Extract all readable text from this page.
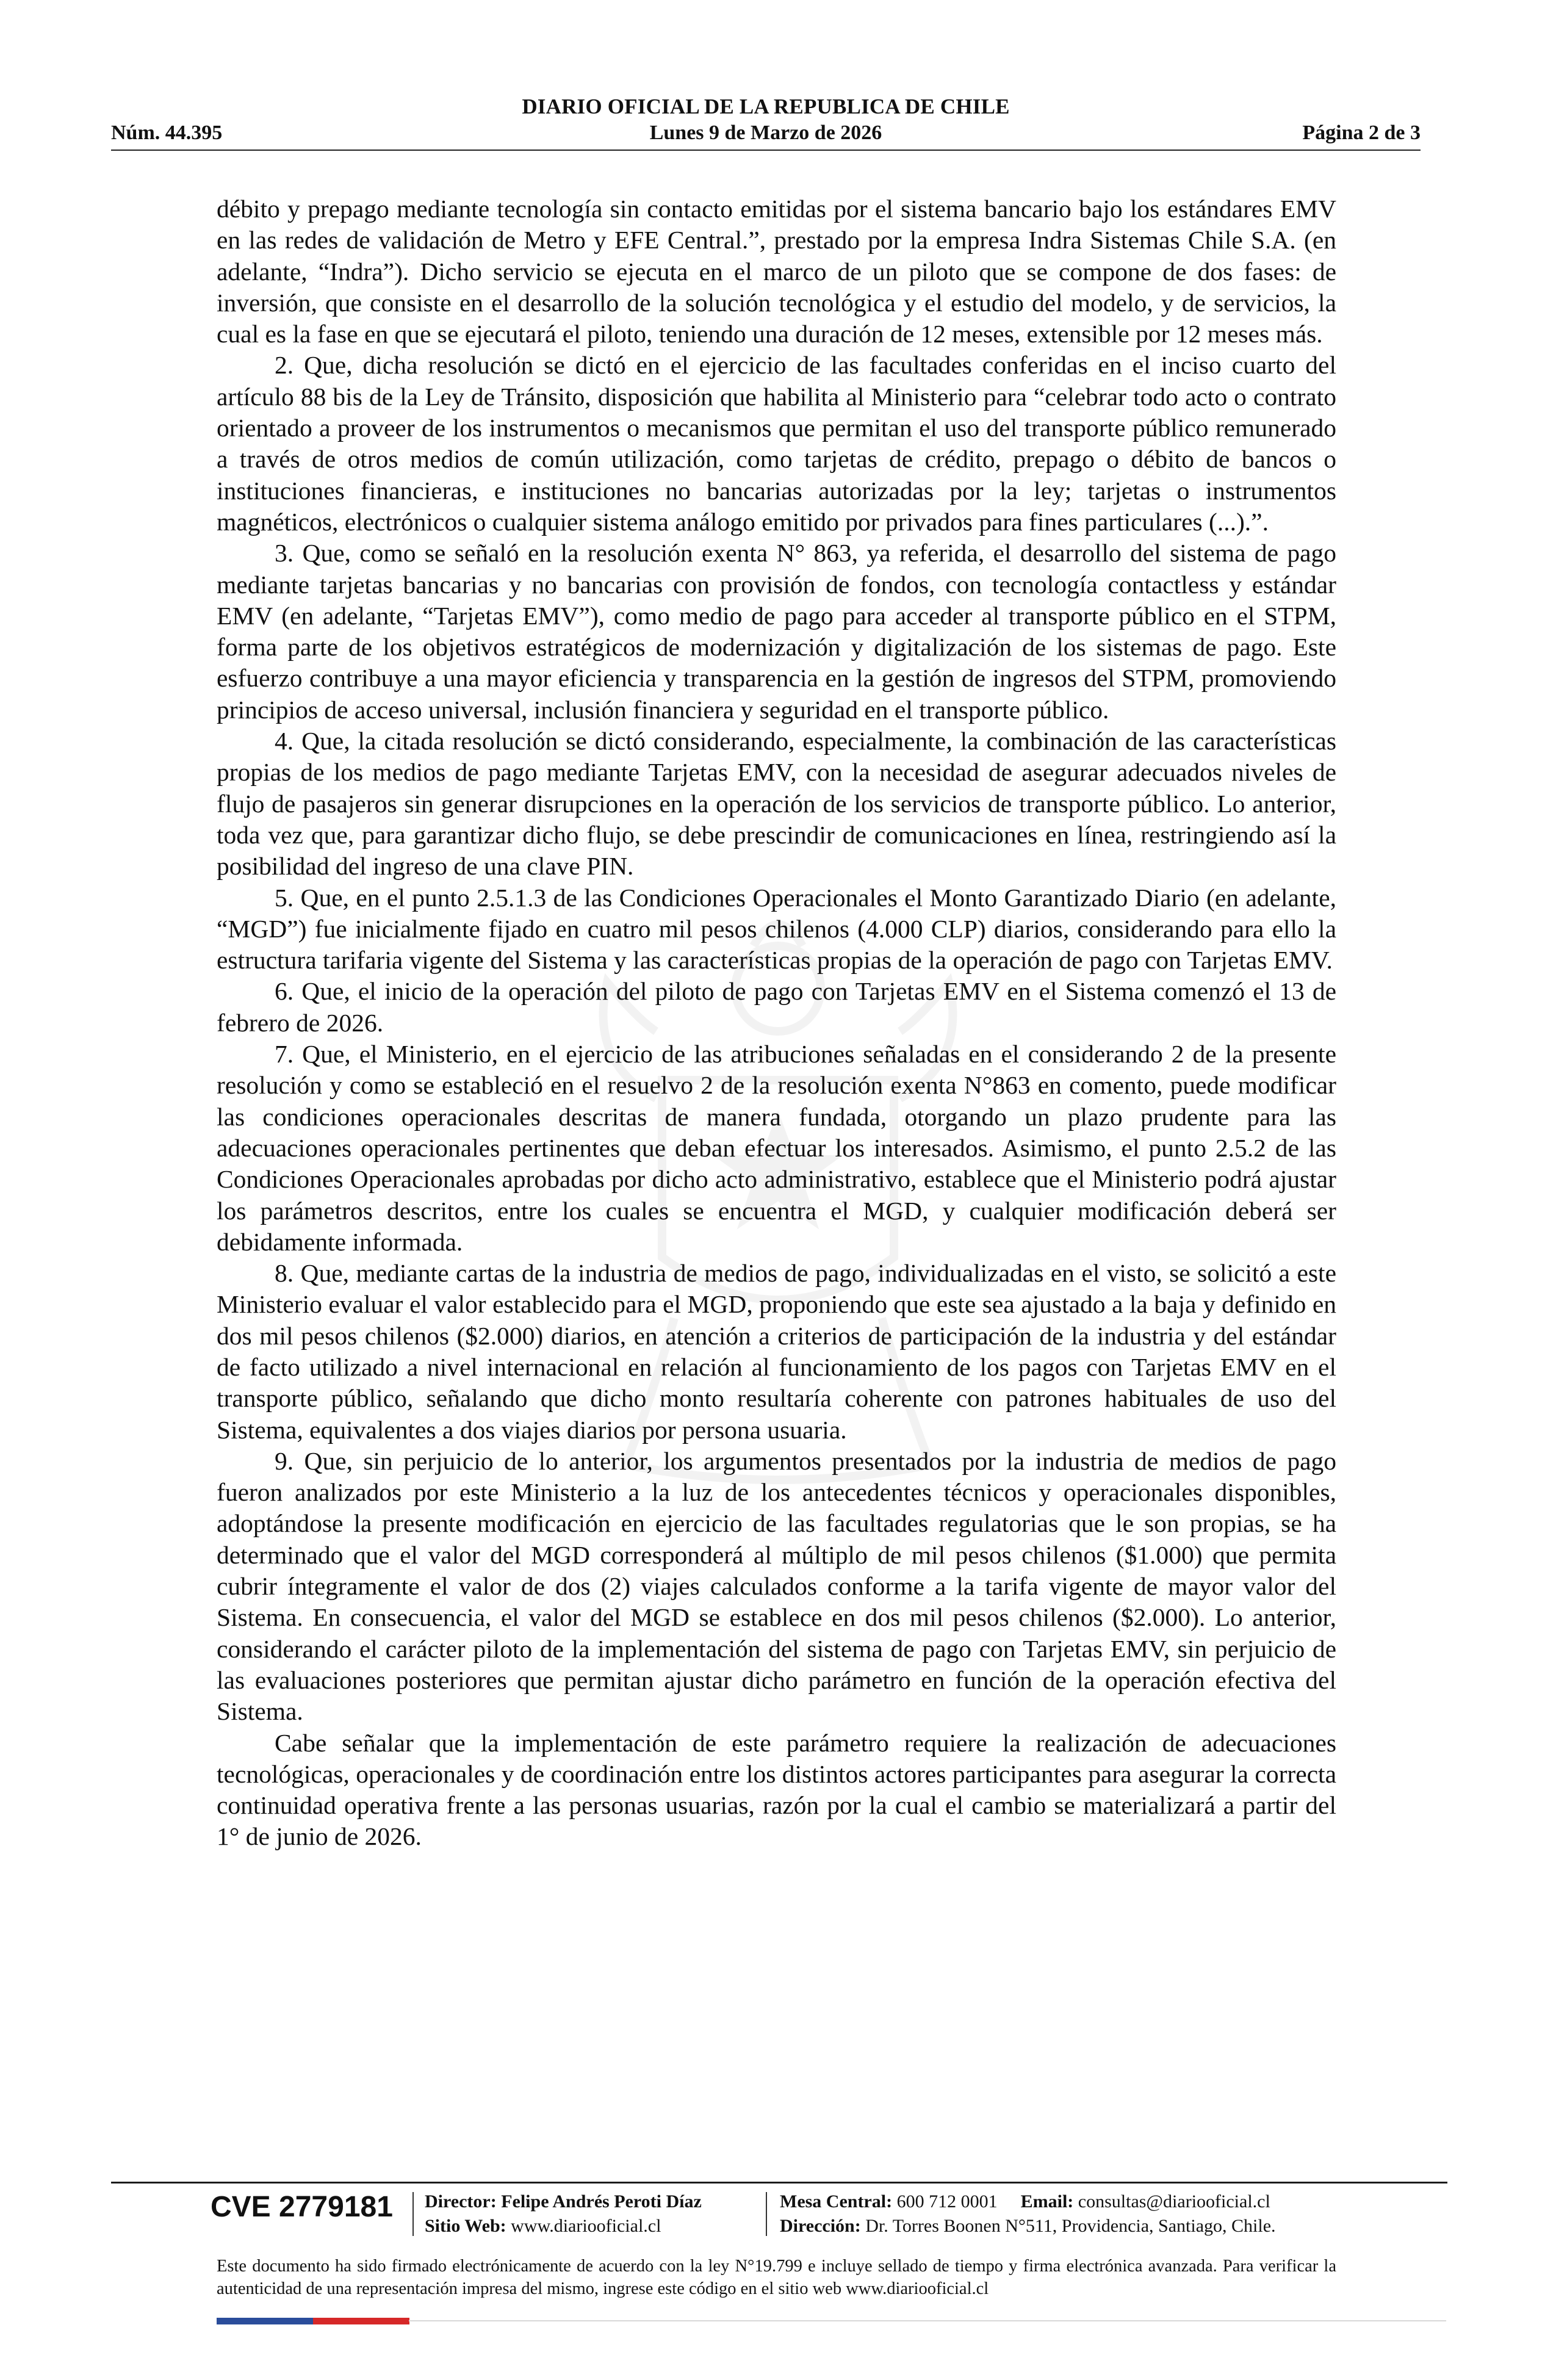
DIARIO OFICIAL DE LA REPUBLICA DE CHILE
Núm. 44.395	Lunes 9 de Marzo de 2026	Página 2 de 3

débito y prepago mediante tecnología sin contacto emitidas por el sistema bancario bajo los estándares EMV en las redes de validación de Metro y EFE Central.”, prestado por la empresa Indra Sistemas Chile S.A. (en adelante, “Indra”). Dicho servicio se ejecuta en el marco de un piloto que se compone de dos fases: de inversión, que consiste en el desarrollo de la solución tecnológica y el estudio del modelo, y de servicios, la cual es la fase en que se ejecutará el piloto, teniendo una duración de 12 meses, extensible por 12 meses más.

2. Que, dicha resolución se dictó en el ejercicio de las facultades conferidas en el inciso cuarto del artículo 88 bis de la Ley de Tránsito, disposición que habilita al Ministerio para “celebrar todo acto o contrato orientado a proveer de los instrumentos o mecanismos que permitan el uso del transporte público remunerado a través de otros medios de común utilización, como tarjetas de crédito, prepago o débito de bancos o instituciones financieras, e instituciones no bancarias autorizadas por la ley; tarjetas o instrumentos magnéticos, electrónicos o cualquier sistema análogo emitido por privados para fines particulares (...).”.

3. Que, como se señaló en la resolución exenta N° 863, ya referida, el desarrollo del sistema de pago mediante tarjetas bancarias y no bancarias con provisión de fondos, con tecnología contactless y estándar EMV (en adelante, “Tarjetas EMV”), como medio de pago para acceder al transporte público en el STPM, forma parte de los objetivos estratégicos de modernización y digitalización de los sistemas de pago. Este esfuerzo contribuye a una mayor eficiencia y transparencia en la gestión de ingresos del STPM, promoviendo principios de acceso universal, inclusión financiera y seguridad en el transporte público.

4. Que, la citada resolución se dictó considerando, especialmente, la combinación de las características propias de los medios de pago mediante Tarjetas EMV, con la necesidad de asegurar adecuados niveles de flujo de pasajeros sin generar disrupciones en la operación de los servicios de transporte público. Lo anterior, toda vez que, para garantizar dicho flujo, se debe prescindir de comunicaciones en línea, restringiendo así la posibilidad del ingreso de una clave PIN.

5. Que, en el punto 2.5.1.3 de las Condiciones Operacionales el Monto Garantizado Diario (en adelante, “MGD”) fue inicialmente fijado en cuatro mil pesos chilenos (4.000 CLP) diarios, considerando para ello la estructura tarifaria vigente del Sistema y las características propias de la operación de pago con Tarjetas EMV.

6. Que, el inicio de la operación del piloto de pago con Tarjetas EMV en el Sistema comenzó el 13 de febrero de 2026.

7. Que, el Ministerio, en el ejercicio de las atribuciones señaladas en el considerando 2 de la presente resolución y como se estableció en el resuelvo 2 de la resolución exenta N°863 en comento, puede modificar las condiciones operacionales descritas de manera fundada, otorgando un plazo prudente para las adecuaciones operacionales pertinentes que deban efectuar los interesados. Asimismo, el punto 2.5.2 de las Condiciones Operacionales aprobadas por dicho acto administrativo, establece que el Ministerio podrá ajustar los parámetros descritos, entre los cuales se encuentra el MGD, y cualquier modificación deberá ser debidamente informada.

8. Que, mediante cartas de la industria de medios de pago, individualizadas en el visto, se solicitó a este Ministerio evaluar el valor establecido para el MGD, proponiendo que este sea ajustado a la baja y definido en dos mil pesos chilenos ($2.000) diarios, en atención a criterios de participación de la industria y del estándar de facto utilizado a nivel internacional en relación al funcionamiento de los pagos con Tarjetas EMV en el transporte público, señalando que dicho monto resultaría coherente con patrones habituales de uso del Sistema, equivalentes a dos viajes diarios por persona usuaria.

9. Que, sin perjuicio de lo anterior, los argumentos presentados por la industria de medios de pago fueron analizados por este Ministerio a la luz de los antecedentes técnicos y operacionales disponibles, adoptándose la presente modificación en ejercicio de las facultades regulatorias que le son propias, se ha determinado que el valor del MGD corresponderá al múltiplo de mil pesos chilenos ($1.000) que permita cubrir íntegramente el valor de dos (2) viajes calculados conforme a la tarifa vigente de mayor valor del Sistema. En consecuencia, el valor del MGD se establece en dos mil pesos chilenos ($2.000). Lo anterior, considerando el carácter piloto de la implementación del sistema de pago con Tarjetas EMV, sin perjuicio de las evaluaciones posteriores que permitan ajustar dicho parámetro en función de la operación efectiva del Sistema.

Cabe señalar que la implementación de este parámetro requiere la realización de adecuaciones tecnológicas, operacionales y de coordinación entre los distintos actores participantes para asegurar la correcta continuidad operativa frente a las personas usuarias, razón por la cual el cambio se materializará a partir del 1° de junio de 2026.

CVE 2779181 Director: Felipe Andrés Peroti Díaz
Sitio Web: www.diariooficial.cl
Mesa Central: 600 712 0001 Email: consultas@diariooficial.cl
Dirección: Dr. Torres Boonen N°511, Providencia, Santiago, Chile.
Este documento ha sido firmado electrónicamente de acuerdo con la ley N°19.799 e incluye sellado de tiempo y firma electrónica avanzada. Para verificar la autenticidad de una representación impresa del mismo, ingrese este código en el sitio web www.diariooficial.cl
